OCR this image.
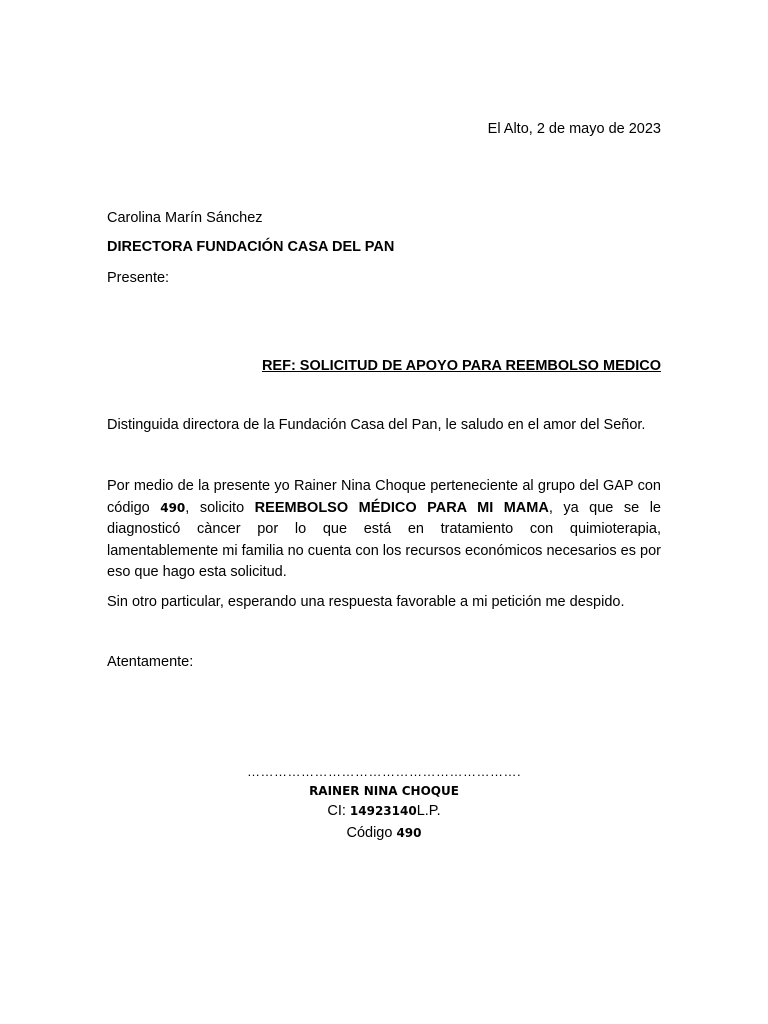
El Alto, 2 de mayo de 2023
Carolina Marín Sánchez
DIRECTORA FUNDACIÓN CASA DEL PAN
Presente:
REF: SOLICITUD DE APOYO PARA REEMBOLSO MEDICO
Distinguida directora de la Fundación Casa del Pan, le saludo en el amor del Señor.
Por medio de la presente yo Rainer Nina Choque perteneciente al grupo del GAP con código 490, solicito REEMBOLSO MÉDICO PARA MI MAMA, ya que se le diagnosticó càncer por lo que está en tratamiento con quimioterapia, lamentablemente mi familia no cuenta con los recursos económicos necesarios es por eso que hago esta solicitud.
Sin otro particular, esperando una respuesta favorable a mi petición me despido.
Atentamente:
…………………………………………………….
RAINER NINA CHOQUE
CI: 14923140L.P.
Código 490
